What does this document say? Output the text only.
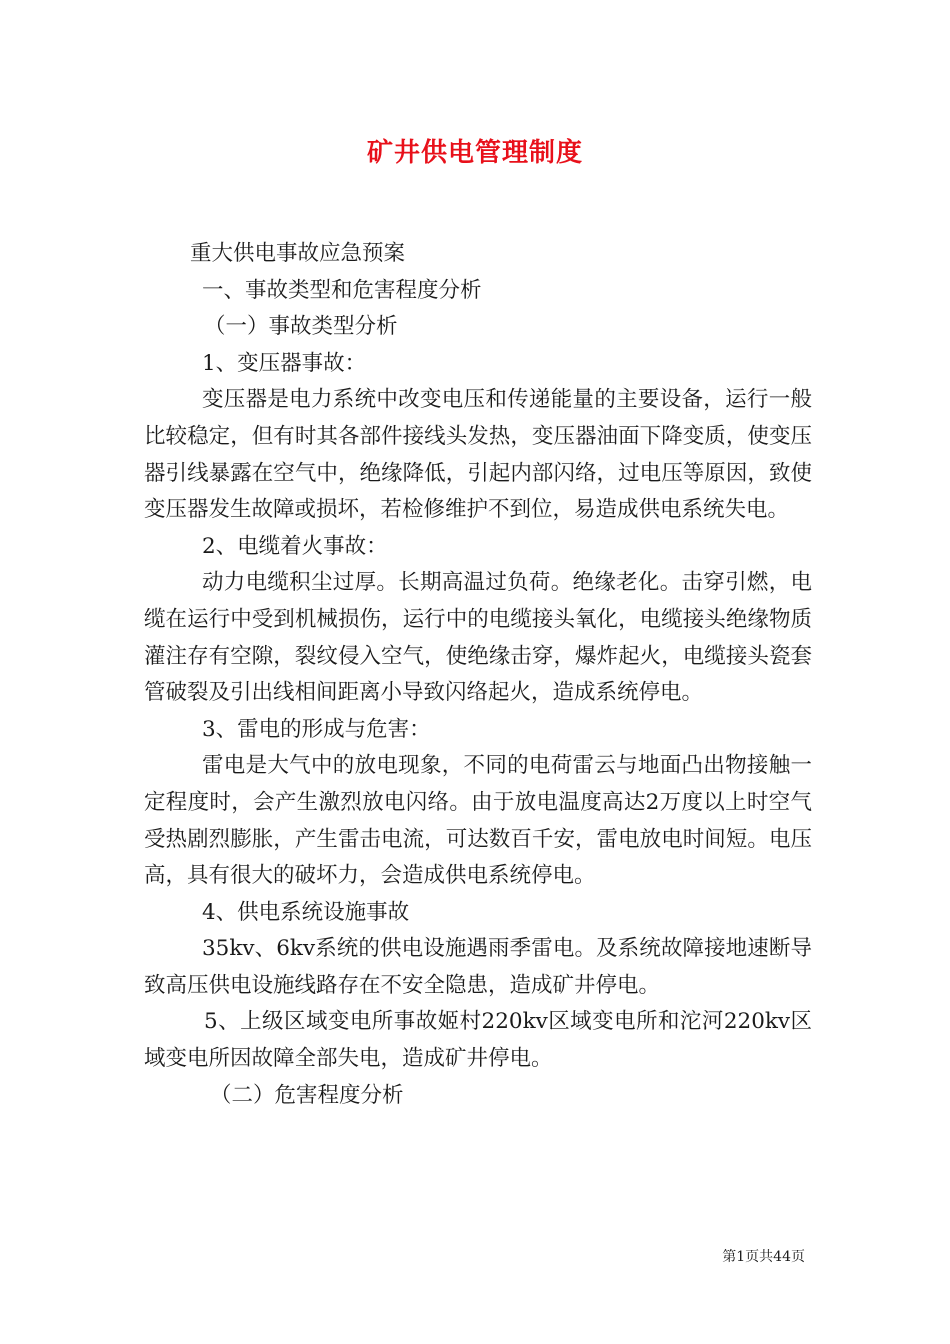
矿井供电管理制度

重大供电事故应急预案

一、事故类型和危害程度分析

（一）事故类型分析

1、变压器事故：

变压器是电力系统中改变电压和传递能量的主要设备，运行一般比较稳定，但有时其各部件接线头发热，变压器油面下降变质，使变压器引线暴露在空气中，绝缘降低，引起内部闪络，过电压等原因，致使变压器发生故障或损坏，若检修维护不到位，易造成供电系统失电。

2、电缆着火事故：

动力电缆积尘过厚。长期高温过负荷。绝缘老化。击穿引燃，电缆在运行中受到机械损伤，运行中的电缆接头氧化，电缆接头绝缘物质灌注存有空隙，裂纹侵入空气，使绝缘击穿，爆炸起火，电缆接头瓷套管破裂及引出线相间距离小导致闪络起火，造成系统停电。

3、雷电的形成与危害：

雷电是大气中的放电现象，不同的电荷雷云与地面凸出物接触一定程度时，会产生激烈放电闪络。由于放电温度高达2万度以上时空气受热剧烈膨胀，产生雷击电流，可达数百千安，雷电放电时间短。电压高，具有很大的破坏力，会造成供电系统停电。

4、供电系统设施事故

35kv、6kv系统的供电设施遇雨季雷电。及系统故障接地速断导致高压供电设施线路存在不安全隐患，造成矿井停电。

5、上级区域变电所事故姬村220kv区域变电所和沱河220kv区域变电所因故障全部失电，造成矿井停电。

（二）危害程度分析

第1页共44页
